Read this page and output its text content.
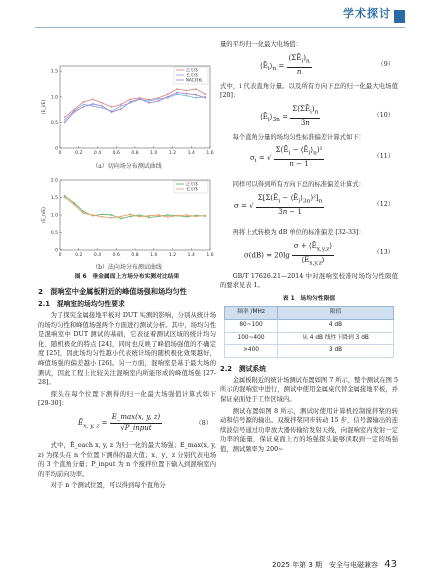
学术探讨
0	0.2	0.4	0.6	0.8	1.0	1.2	1.4	1.6
0
0.5
1.0
1.5
(E_i/E)
正方体
长方体
NAC样机
（a）切向场分布测试曲线
0	0.2	0.4	0.6	0.8	1.0	1.2	1.4	1.6
0
0.5
1.0
1.5
2.0
(E_n/E)
正方体
长方体
（b）法向场分布测试曲线
图 6　垂金属面上方场分布实测对比结果
2　混响室中金属板附近的峰值场强和场均匀性
2.1　混响室的场均匀性要求

为了探究金属接地平板对 DUT 实测的影响，分别从统计场的场均匀性和峰值场强两个方面进行测试分析。其中，场均匀性是混响室中 DUT 测试的基础，它表征着测试区域的统计均匀化、随机极化的特点 [24]，同时也反映了峰值场强值的不确定度 [25]，因此场均匀性越小代表统计场的随机极化效果越好，峰值场强的偏差越小 [26]。另一方面，混响室是基于最大场的测试，因此工程上比较关注混响室内所能形成的峰值场强 [27-28]。

探头在每个位置下测得的归一化最大场强值计算式如下 [29-30]：

$Ē_{x, y, z} = \frac{E\_\max(x, y, z)}{\text{√P\_input}}$	（8）

式中，Ē_each x, y, z 为归一化的最大场强；E_max(x, y, z) 为探头在 n 个位置下测得的最大值；x、y、z 分别代表电场的 3 个直角分量；P_input 为 n 个搅拌位置下输入到混响室内的平均前向功率。

对于 n 个测试位置，可以得到每个直角分

量的平均归一化最大电场值：

$⟨Ē_i⟩_n = \frac{(\Sigma Ē_i)_n}{n}$	（9）

式中，i 代表直角分量。以及所有方向下总的归一化最大电场值 [20]：

$⟨Ē_i⟩_{3n} = \frac{\Sigma(\Sigma Ē_i)_n}{3n}$	（10）

每个直角分量的场均匀性标准偏差计算式如下：

$\sigma_i$ = √ $\frac{\Sigma(Ē_i - ⟨Ē_i⟩_n)^2}{n - 1}$	（11）

同样可以得到所有方向下总的标准偏差计算式：

σ = √ $\frac{\Sigma[\Sigma(Ē_i - ⟨Ē_i⟩_{3n})^2]_n}{3n - 1}$	（12）

再将上式转换为 dB 单位的标准偏差 [32-33]：

$\sigma(dB) = 20\lg \frac{\sigma + ⟨Ē_{x,y,z}⟩}{⟨Ē_{x,y,z}⟩}$	（13）

GB/T 17626.21—2014 中对混响室校准时场均匀性限值的要求见表 1。

表 1　场均匀性限值
频率 /MHz	限值
80~100	4 dB
100~400	从 4 dB 线性下降到 3 dB
>400	3 dB
2.2　测试系统

金属板附近的统计场测试布置如图 7 所示，整个测试在图 5 所示的混响室中进行，测试中使用金属桌代替金属接地平板，并保证桌面处于工作区域内。

测试布置如图 8 所示，测试时使用计算机控制搅拌桨的转动和信号源的输出。双搅拌桨同步转动 15 步，信号源输出的连续波信号通过功率放大器传输给发射天线，向混响室内发射一定功率的能量，保证桌面上方的场强探头能够读取到一定的场强值，测试频率为 200~

2025 年第 3 期　安全与电磁兼容 43
